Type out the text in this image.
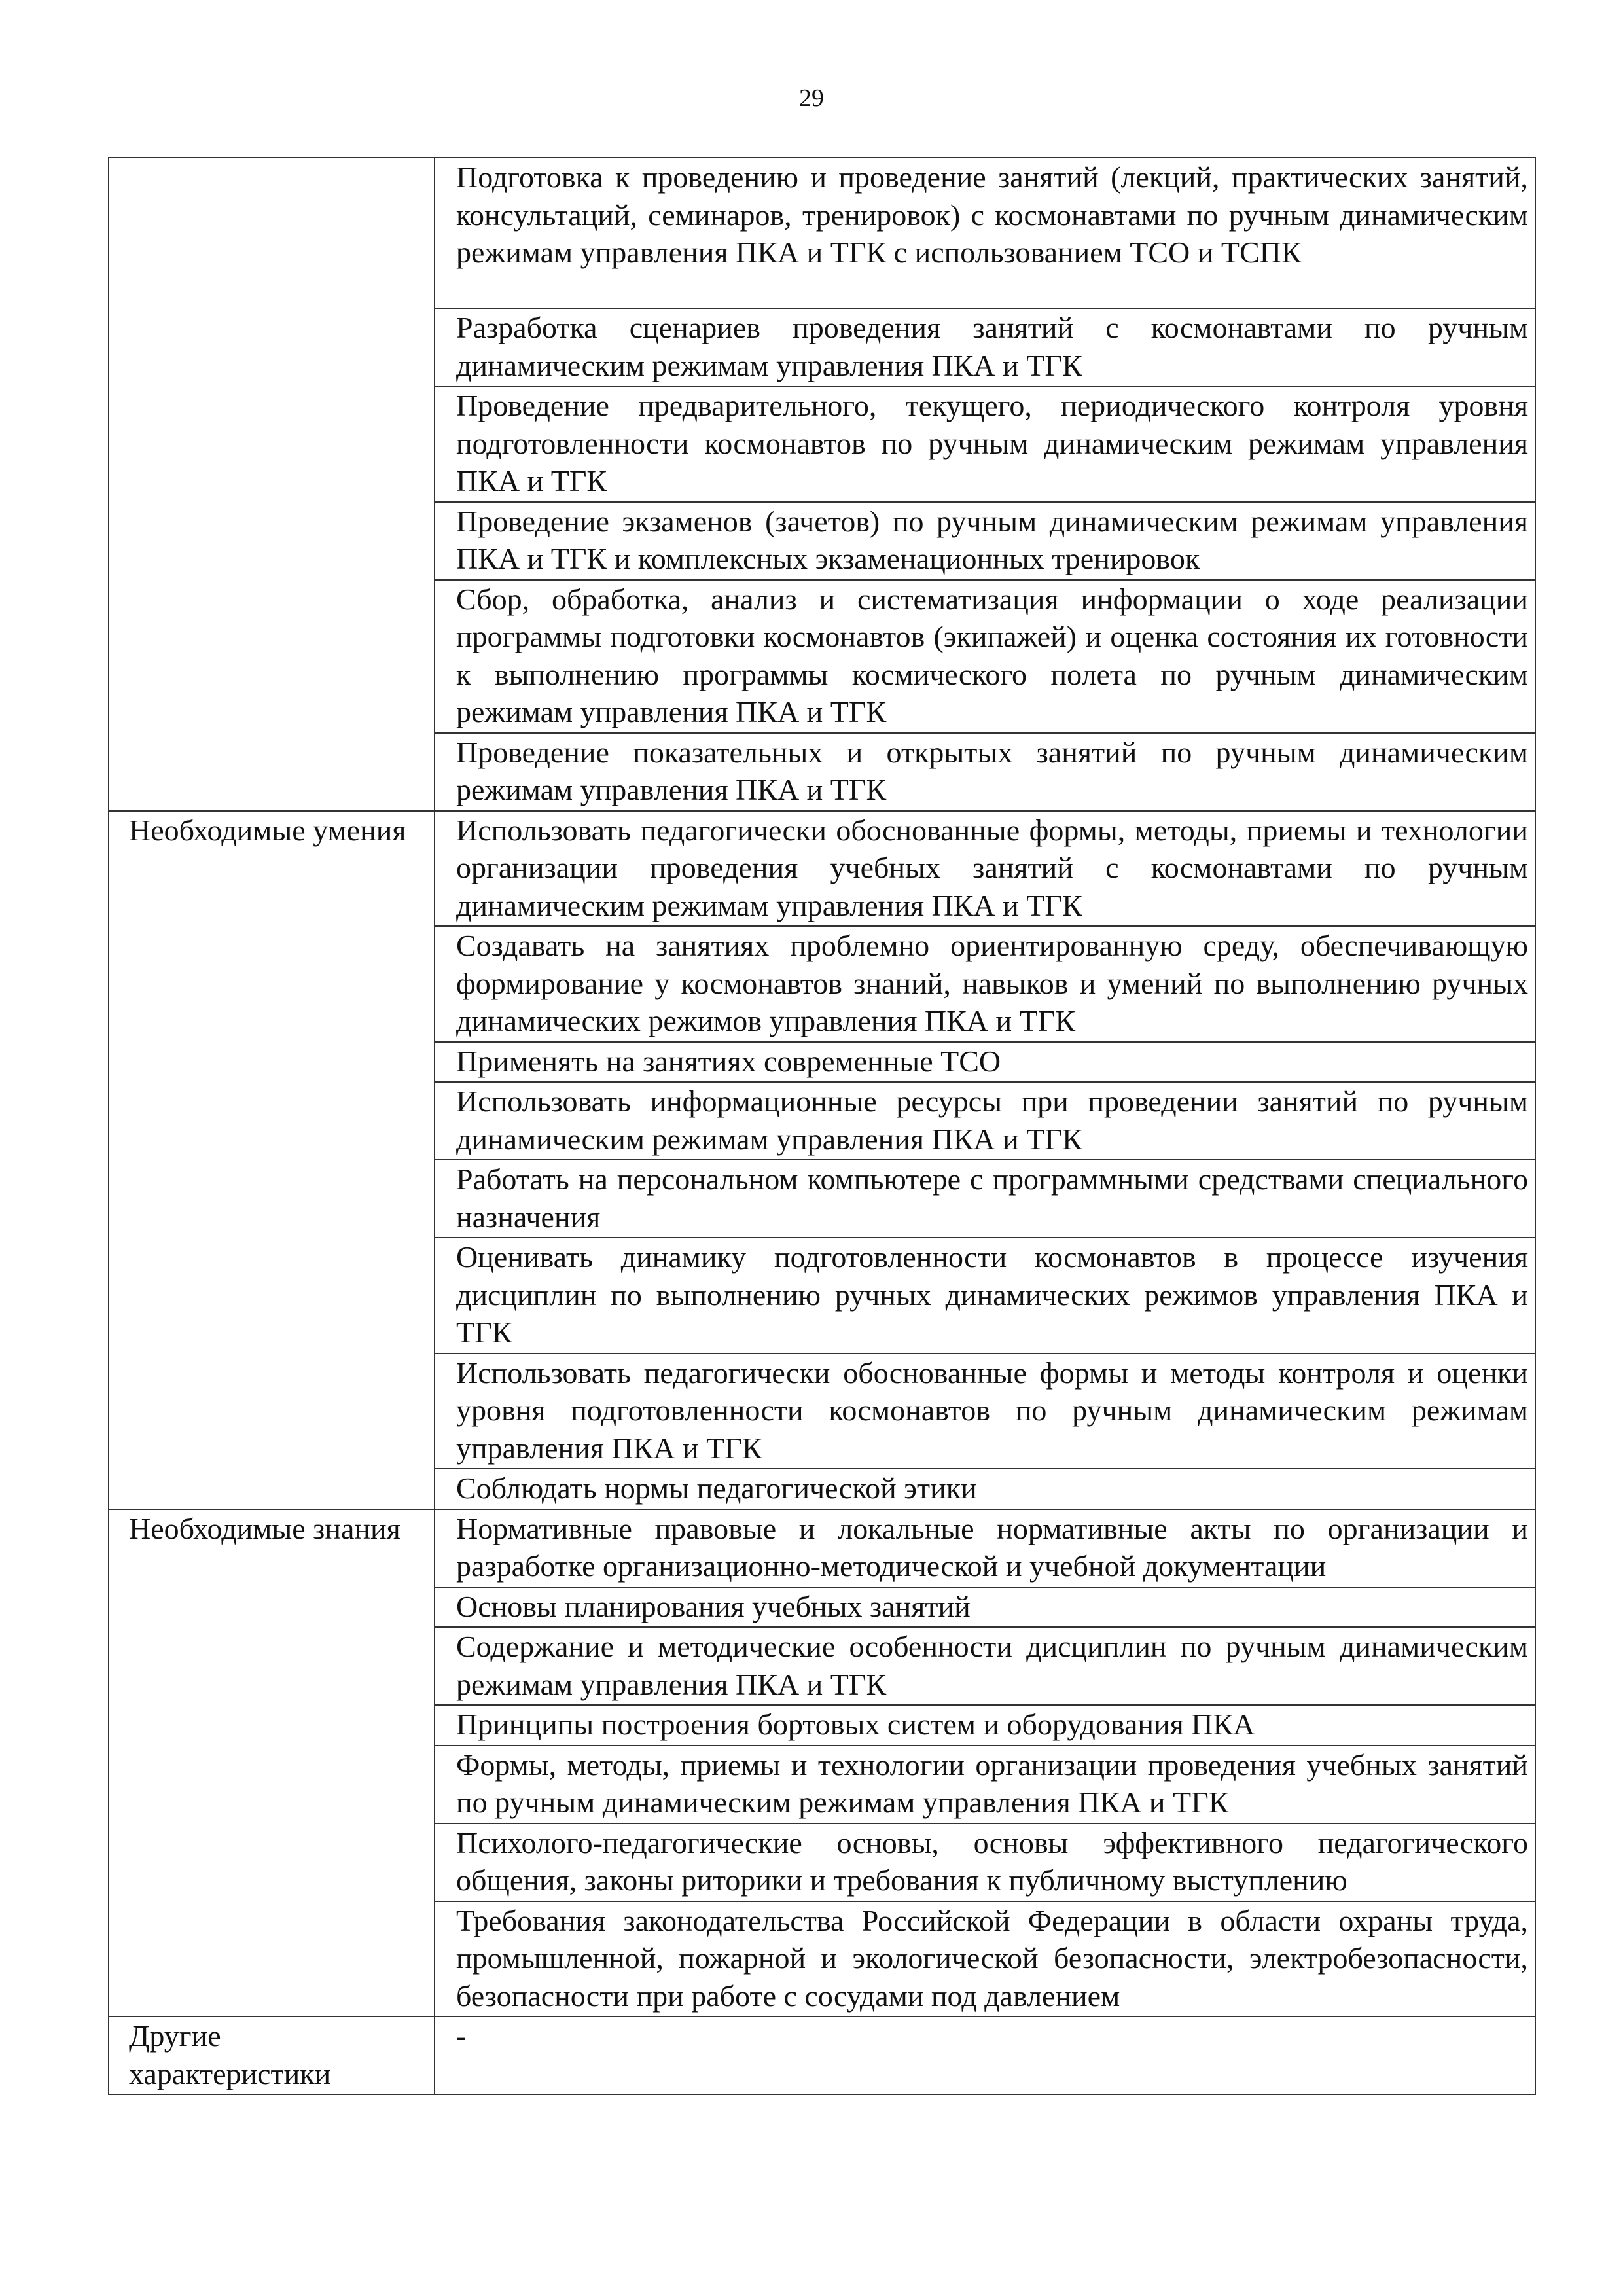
29
	Подготовка к проведению и проведение занятий (лекций, практических занятий, консультаций, семинаров, тренировок) с космонавтами по ручным динамическим режимам управления ПКА и ТГК с использованием ТСО и ТСПК
	Разработка сценариев проведения занятий с космонавтами по ручным динамическим режимам управления ПКА и ТГК
	Проведение предварительного, текущего, периодического контроля уровня подготовленности космонавтов по ручным динамическим режимам управления ПКА и ТГК
	Проведение экзаменов (зачетов) по ручным динамическим режимам управления ПКА и ТГК и комплексных экзаменационных тренировок
	Сбор, обработка, анализ и систематизация информации о ходе реализации программы подготовки космонавтов (экипажей) и оценка состояния их готовности к выполнению программы космического полета по ручным динамическим режимам управления ПКА и ТГК
	Проведение показательных и открытых занятий по ручным динамическим режимам управления ПКА и ТГК
Необходимые умения	Использовать педагогически обоснованные формы, методы, приемы и технологии организации проведения учебных занятий с космонавтами по ручным динамическим режимам управления ПКА и ТГК
	Создавать на занятиях проблемно ориентированную среду, обеспечивающую формирование у космонавтов знаний, навыков и умений по выполнению ручных динамических режимов управления ПКА и ТГК
	Применять на занятиях современные ТСО
	Использовать информационные ресурсы при проведении занятий по ручным динамическим режимам управления ПКА и ТГК
	Работать на персональном компьютере с программными средствами специального назначения
	Оценивать динамику подготовленности космонавтов в процессе изучения дисциплин по выполнению ручных динамических режимов управления ПКА и ТГК
	Использовать педагогически обоснованные формы и методы контроля и оценки уровня подготовленности космонавтов по ручным динамическим режимам управления ПКА и ТГК
	Соблюдать нормы педагогической этики
Необходимые знания	Нормативные правовые и локальные нормативные акты по организации и разработке организационно-методической и учебной документации
	Основы планирования учебных занятий
	Содержание и методические особенности дисциплин по ручным динамическим режимам управления ПКА и ТГК
	Принципы построения бортовых систем и оборудования ПКА
	Формы, методы, приемы и технологии организации проведения учебных занятий по ручным динамическим режимам управления ПКА и ТГК
	Психолого-педагогические основы, основы эффективного педагогического общения, законы риторики и требования к публичному выступлению
	Требования законодательства Российской Федерации в области охраны труда, промышленной, пожарной и экологической безопасности, электробезопасности, безопасности при работе с сосудами под давлением
Другие характеристики	-
